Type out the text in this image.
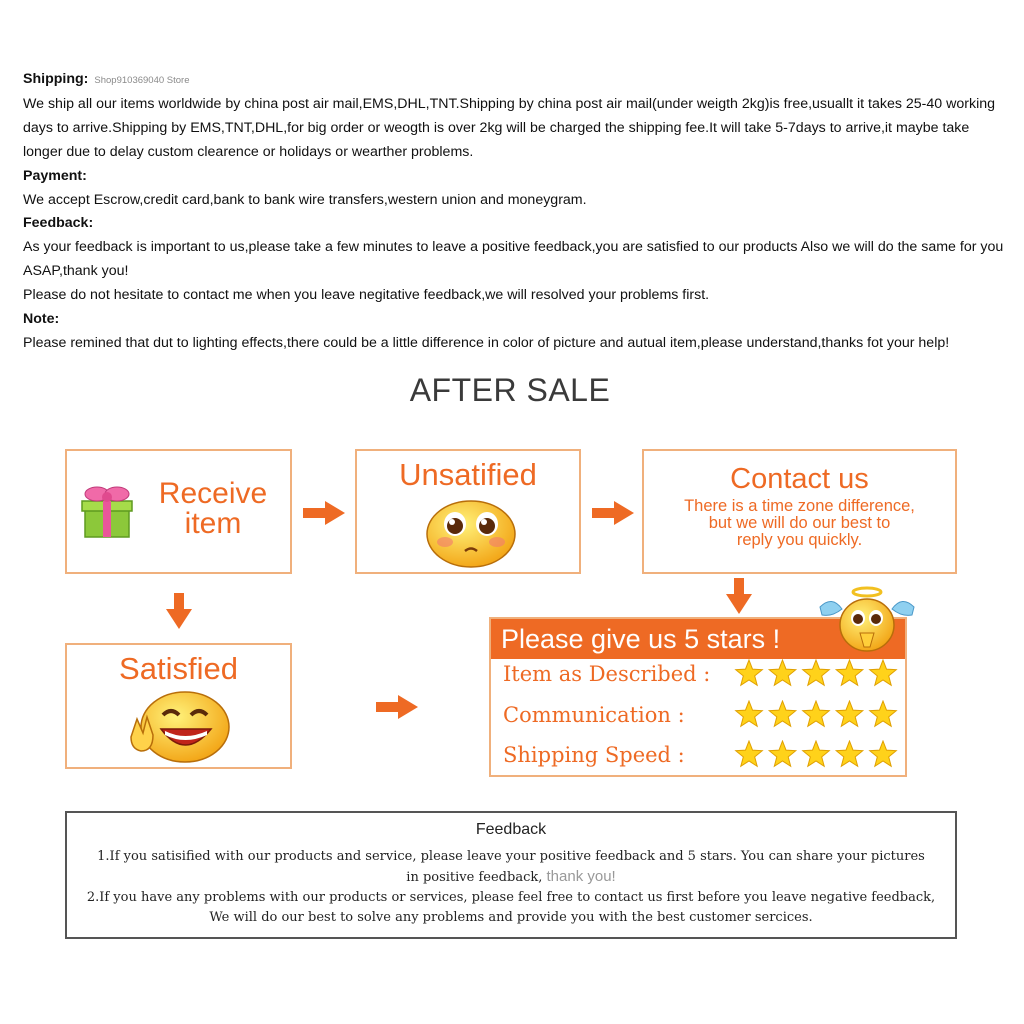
Shipping: Shop910369040 Store

We ship all our items worldwide by china post air mail,EMS,DHL,TNT.Shipping by china post air mail(under weigth 2kg)is free,usuallt it takes 25-40 working days to arrive.Shipping by EMS,TNT,DHL,for big order or weogth is over 2kg will be charged the shipping fee.It will take 5-7days to arrive,it maybe take longer due to delay custom clearence or holidays or wearther problems.

Payment:

We accept Escrow,credit card,bank to bank wire transfers,western union and moneygram.

Feedback:

As your feedback is important to us,please take a few minutes to leave a positive feedback,you are satisfied to our products Also we will do the same for you ASAP,thank you!

Please do not hesitate to contact me when you leave negitative feedback,we will resolved your problems first.

Note:

Please remined that dut to lighting effects,there could be a little difference in color of picture and autual item,please understand,thanks fot your help!

AFTER SALE
Receive
item
Unsatified	Contact us
There is a time zone difference,
but we will do our best to
reply you quickly.
Satisfied
Please give us 5 stars !
Item as Described :
Communication :
Shipping Speed :
Feedback
1.If you satisified with our products and service, please leave your positive feedback and 5 stars. You can share your pictures
in positive feedback, thank you!
2.If you have any problems with our products or services, please feel free to contact us first before you leave negative feedback,
We will do our best to solve any problems and provide you with the best customer sercices.
